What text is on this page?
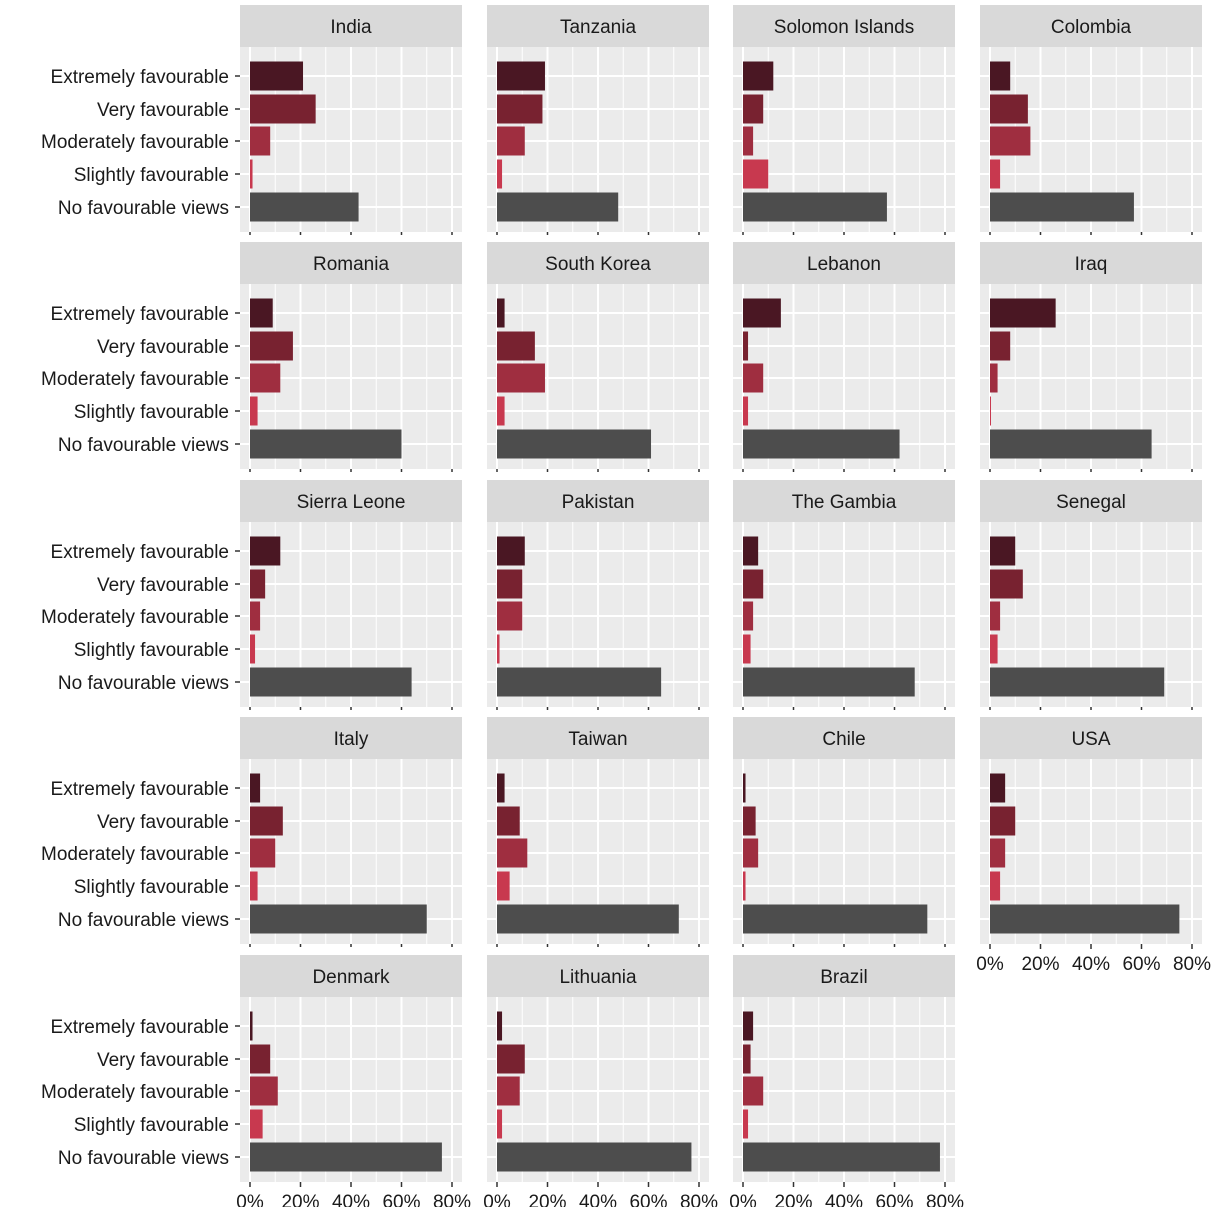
India
Extremely favourable
Very favourable
Moderately favourable
Slightly favourable
No favourable views
Tanzania	Solomon Islands	Colombia
Romania
Extremely favourable
Very favourable
Moderately favourable
Slightly favourable
No favourable views
South Korea	Lebanon	Iraq
Sierra Leone
Extremely favourable
Very favourable
Moderately favourable
Slightly favourable
No favourable views
Pakistan	The Gambia	Senegal
Italy
Extremely favourable
Very favourable
Moderately favourable
Slightly favourable
No favourable views
Taiwan	Chile	USA
0% 20% 40% 60% 80%
Denmark
Extremely favourable
Very favourable
Moderately favourable
Slightly favourable
No favourable views
0% 20% 40% 60% 80%
Lithuania
0% 20% 40% 60% 80%
Brazil
0% 20% 40% 60% 80%
